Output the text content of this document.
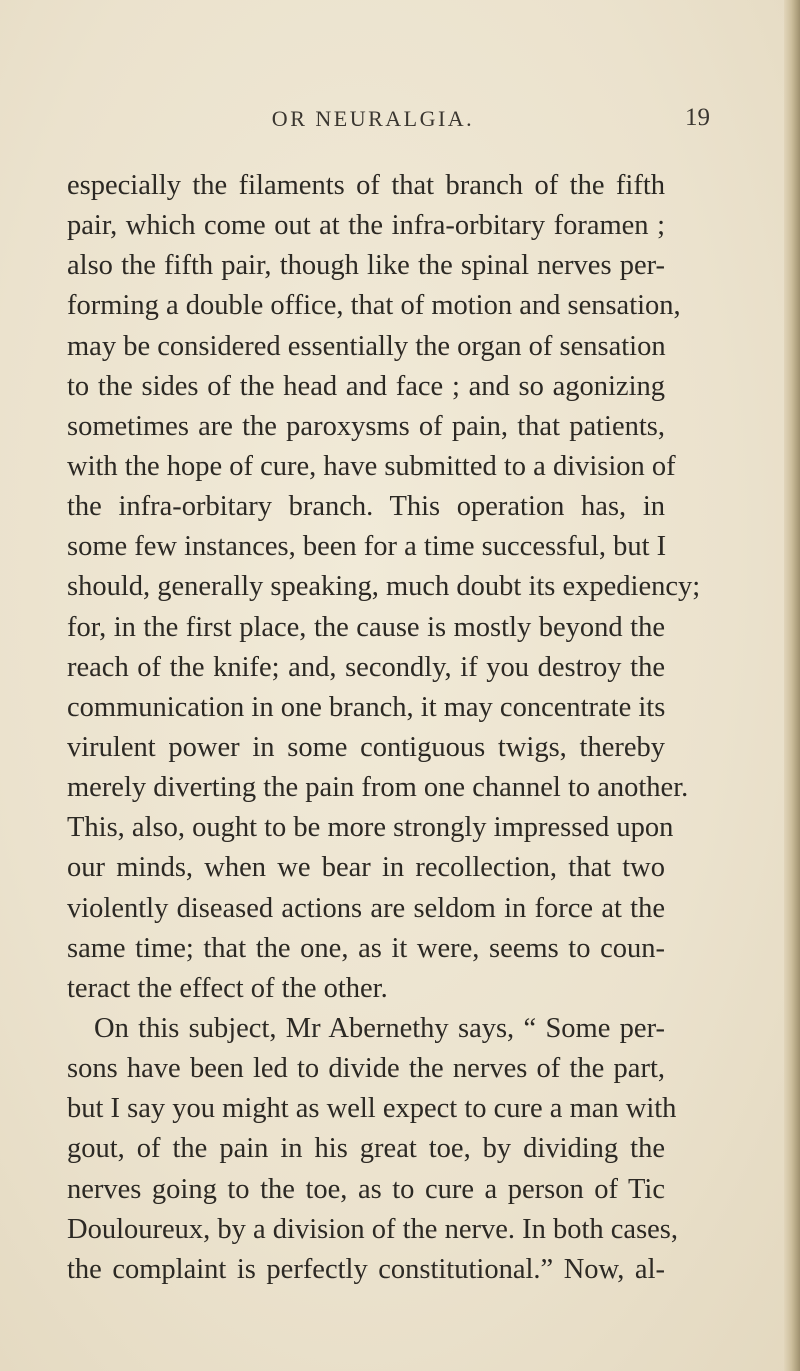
OR NEURALGIA.	19
especially the filaments of that branch of the fifth
pair, which come out at the infra-orbitary foramen ;
also the fifth pair, though like the spinal nerves per-
forming a double office, that of motion and sensation,
may be considered essentially the organ of sensation
to the sides of the head and face ; and so agonizing
sometimes are the paroxysms of pain, that patients,
with the hope of cure, have submitted to a division of
the infra-orbitary branch. This operation has, in
some few instances, been for a time successful, but I
should, generally speaking, much doubt its expediency;
for, in the first place, the cause is mostly beyond the
reach of the knife; and, secondly, if you destroy the
communication in one branch, it may concentrate its
virulent power in some contiguous twigs, thereby
merely diverting the pain from one channel to another.
This, also, ought to be more strongly impressed upon
our minds, when we bear in recollection, that two
violently diseased actions are seldom in force at the
same time; that the one, as it were, seems to coun-
teract the effect of the other.
On this subject, Mr Abernethy says, “ Some per-
sons have been led to divide the nerves of the part,
but I say you might as well expect to cure a man with
gout, of the pain in his great toe, by dividing the
nerves going to the toe, as to cure a person of Tic
Douloureux, by a division of the nerve. In both cases,
the complaint is perfectly constitutional.” Now, al-
